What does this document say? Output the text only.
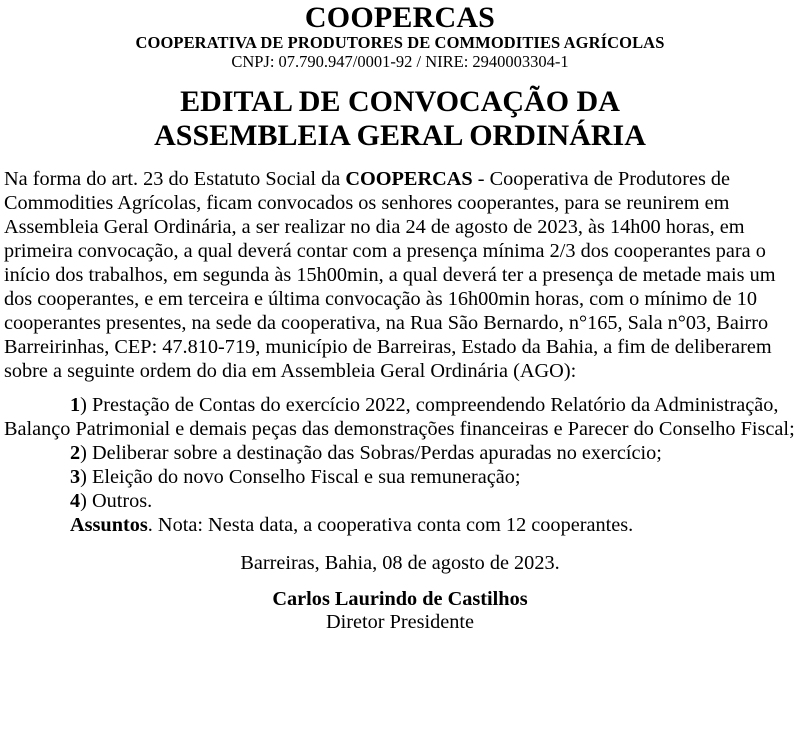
COOPERCAS
COOPERATIVA DE PRODUTORES DE COMMODITIES AGRÍCOLAS
CNPJ: 07.790.947/0001-92 / NIRE: 2940003304-1
EDITAL DE CONVOCAÇÃO DA
ASSEMBLEIA GERAL ORDINÁRIA
Na forma do art. 23 do Estatuto Social da COOPERCAS - Cooperativa de Produtores de Commodities Agrícolas, ficam convocados os senhores cooperantes, para se reunirem em Assembleia Geral Ordinária, a ser realizar no dia 24 de agosto de 2023, às 14h00 horas, em primeira convocação, a qual deverá contar com a presença mínima 2/3 dos cooperantes para o início dos trabalhos, em segunda às 15h00min, a qual deverá ter a presença de metade mais um dos cooperantes, e em terceira e última convocação às 16h00min horas, com o mínimo de 10 cooperantes presentes, na sede da cooperativa, na Rua São Bernardo, n°165, Sala n°03, Bairro Barreirinhas, CEP: 47.810-719, município de Barreiras, Estado da Bahia, a fim de deliberarem sobre a seguinte ordem do dia em Assembleia Geral Ordinária (AGO):
1) Prestação de Contas do exercício 2022, compreendendo Relatório da Administração, Balanço Patrimonial e demais peças das demonstrações financeiras e Parecer do Conselho Fiscal;
2) Deliberar sobre a destinação das Sobras/Perdas apuradas no exercício;
3) Eleição do novo Conselho Fiscal e sua remuneração;
4) Outros.
Assuntos. Nota: Nesta data, a cooperativa conta com 12 cooperantes.
Barreiras, Bahia, 08 de agosto de 2023.
Carlos Laurindo de Castilhos
Diretor Presidente
